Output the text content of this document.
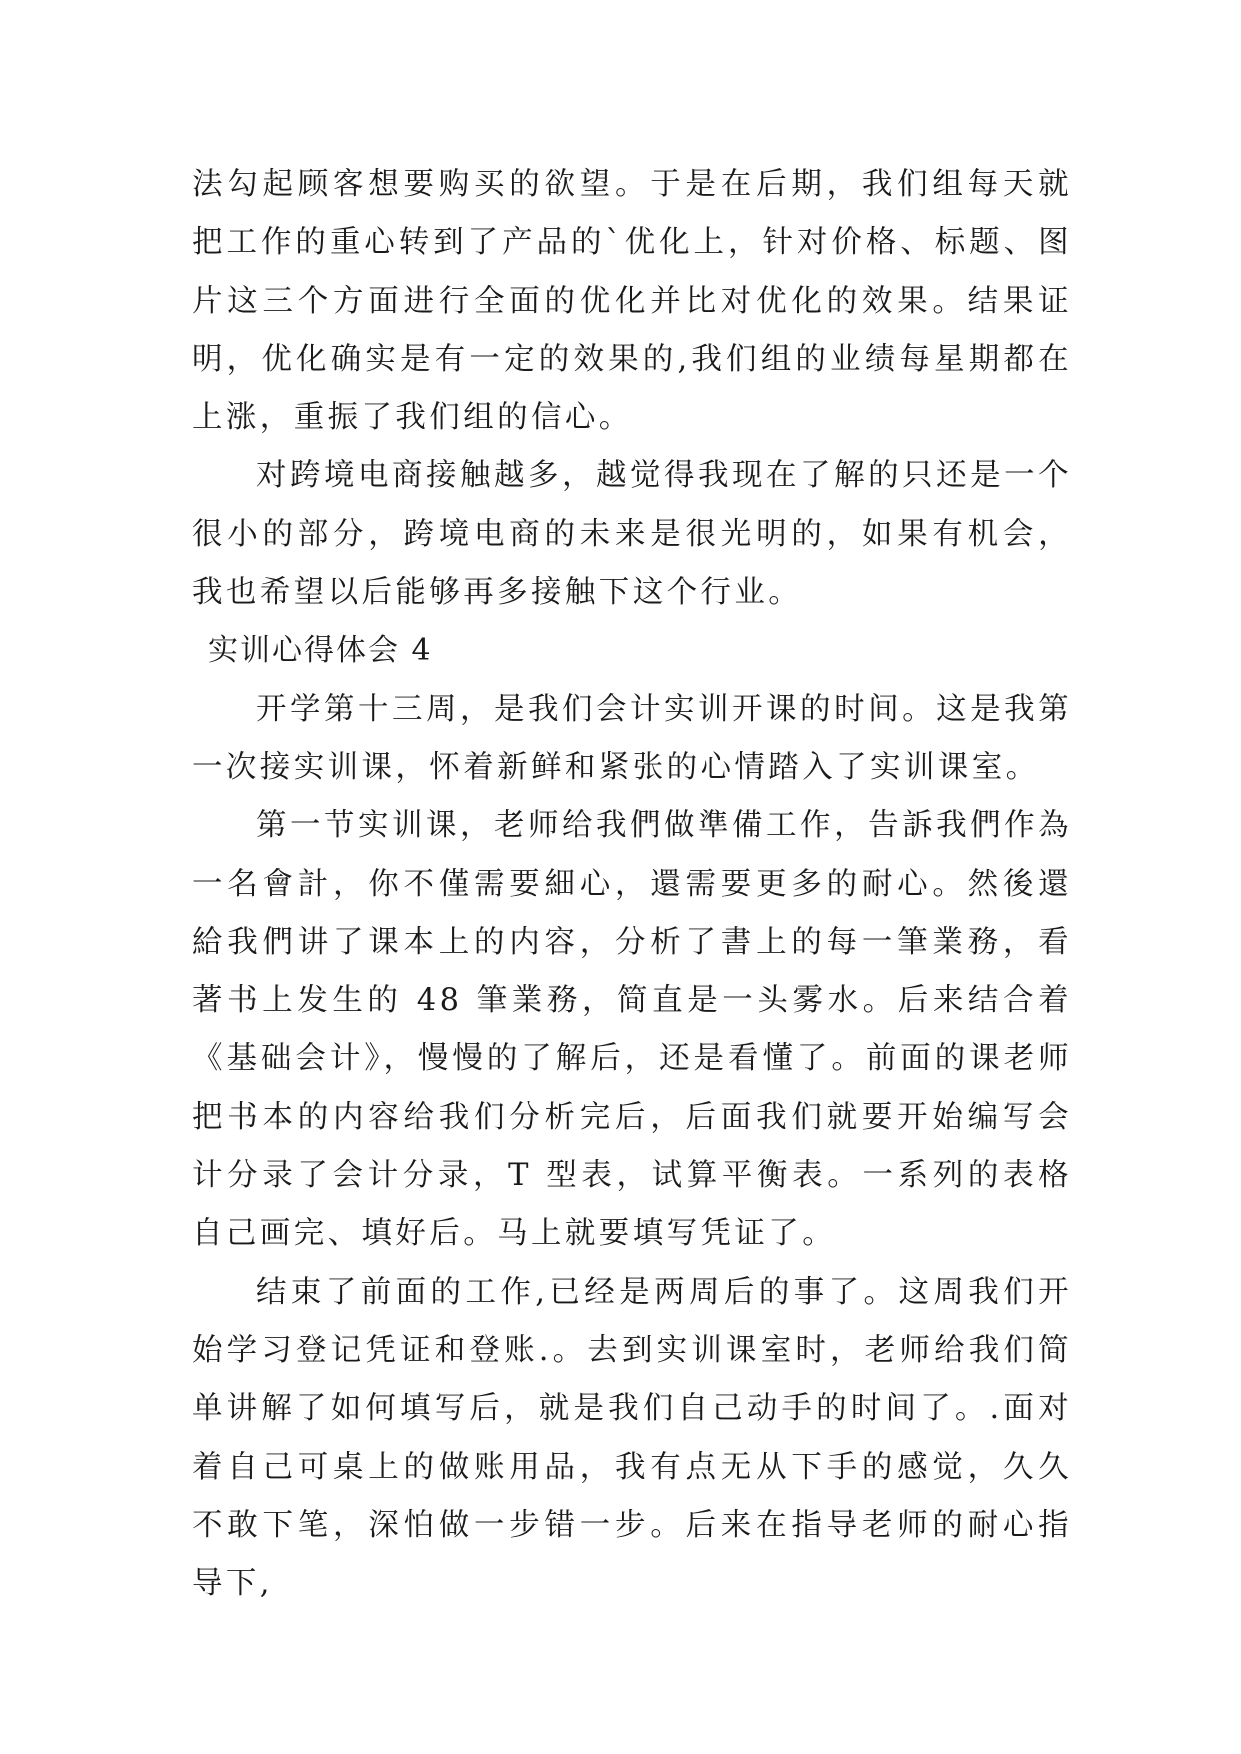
法勾起顾客想要购买的欲望。于是在后期，我们组每天就把工作的重心转到了产品的`优化上，针对价格、标题、图片这三个方面进行全面的优化并比对优化的效果。结果证明，优化确实是有一定的效果的,我们组的业绩每星期都在上涨，重振了我们组的信心。

对跨境电商接触越多，越觉得我现在了解的只还是一个很小的部分，跨境电商的未来是很光明的，如果有机会，我也希望以后能够再多接触下这个行业。

实训心得体会 4

开学第十三周，是我们会计实训开课的时间。这是我第一次接实训课，怀着新鲜和紧张的心情踏入了实训课室。

第一节实训课，老师给我們做準備工作，告訴我們作為一名會計，你不僅需要細心，還需要更多的耐心。然後還給我們讲了课本上的内容，分析了書上的每一筆業務，看著书上发生的 48 筆業務，简直是一头雾水。后来结合着《基础会计》，慢慢的了解后，还是看懂了。前面的课老师把书本的内容给我们分析完后，后面我们就要开始编写会计分录了会计分录，T 型表，试算平衡表。一系列的表格自己画完、填好后。马上就要填写凭证了。

结束了前面的工作,已经是两周后的事了。这周我们开始学习登记凭证和登账.。去到实训课室时，老师给我们简单讲解了如何填写后，就是我们自己动手的时间了。.面对着自己可桌上的做账用品，我有点无从下手的感觉，久久不敢下笔，深怕做一步错一步。后来在指导老师的耐心指导下,
